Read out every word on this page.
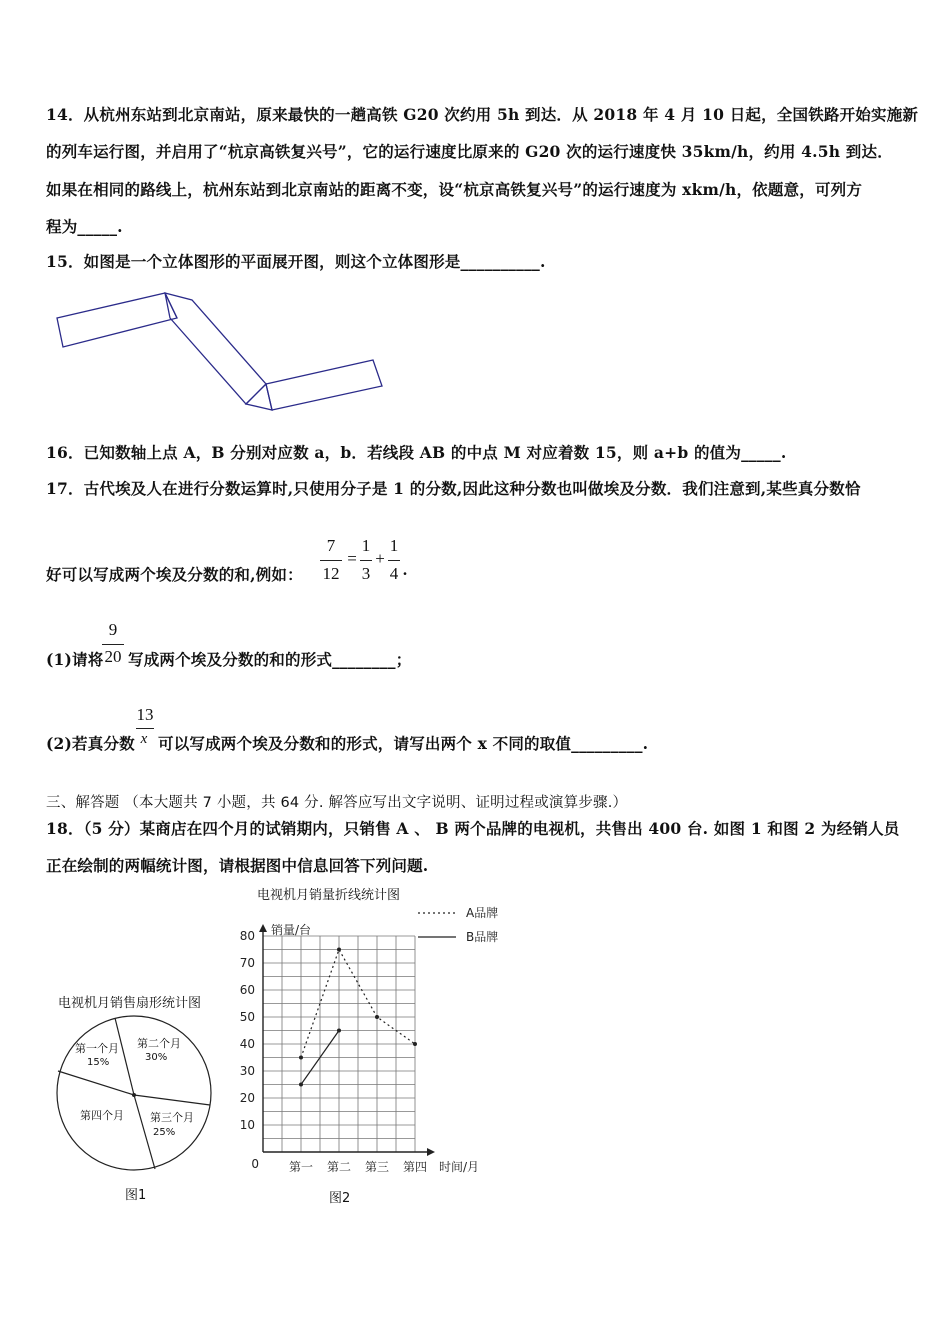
14．从杭州东站到北京南站，原来最快的一趟高铁 G20 次约用 5h 到达．从 2018 年 4 月 10 日起，全国铁路开始实施新
的列车运行图，并启用了“杭京高铁复兴号”，它的运行速度比原来的 G20 次的运行速度快 35km/h，约用 4.5h 到达．
如果在相同的路线上，杭州东站到北京南站的距离不变，设“杭京高铁复兴号”的运行速度为 xkm/h，依题意，可列方
程为_____.
15．如图是一个立体图形的平面展开图，则这个立体图形是__________.
16．已知数轴上点 A，B 分别对应数 a，b．若线段 AB 的中点 M 对应着数 15，则 a+b 的值为_____.
17．古代埃及人在进行分数运算时,只使用分子是 1 的分数,因此这种分数也叫做埃及分数．我们注意到,某些真分数恰
好可以写成两个埃及分数的和,例如：
7
12
=
1
3
+
1
4 .
(1)请将
9
20 写成两个埃及分数的和的形式________；
(2)若真分数
13
x 可以写成两个埃及分数和的形式，请写出两个 x 不同的取值_________.
三、解答题 （本大题共 7 小题，共 64 分. 解答应写出文字说明、证明过程或演算步骤.）
18．（5 分）某商店在四个月的试销期内，只销售 A 、 B 两个品牌的电视机，共售出 400 台. 如图 1 和图 2 为经销人员
正在绘制的两幅统计图，请根据图中信息回答下列问题.
电视机月销售扇形统计图
第一个月
15%
第二个月
30%
第三个月
25%
第四个月
图1
电视机月销量折线统计图
10
20
30
40
50
60
70
80
0 第一 第二 第三 第四 时间/月
销量/台
A品牌
B品牌
图2
